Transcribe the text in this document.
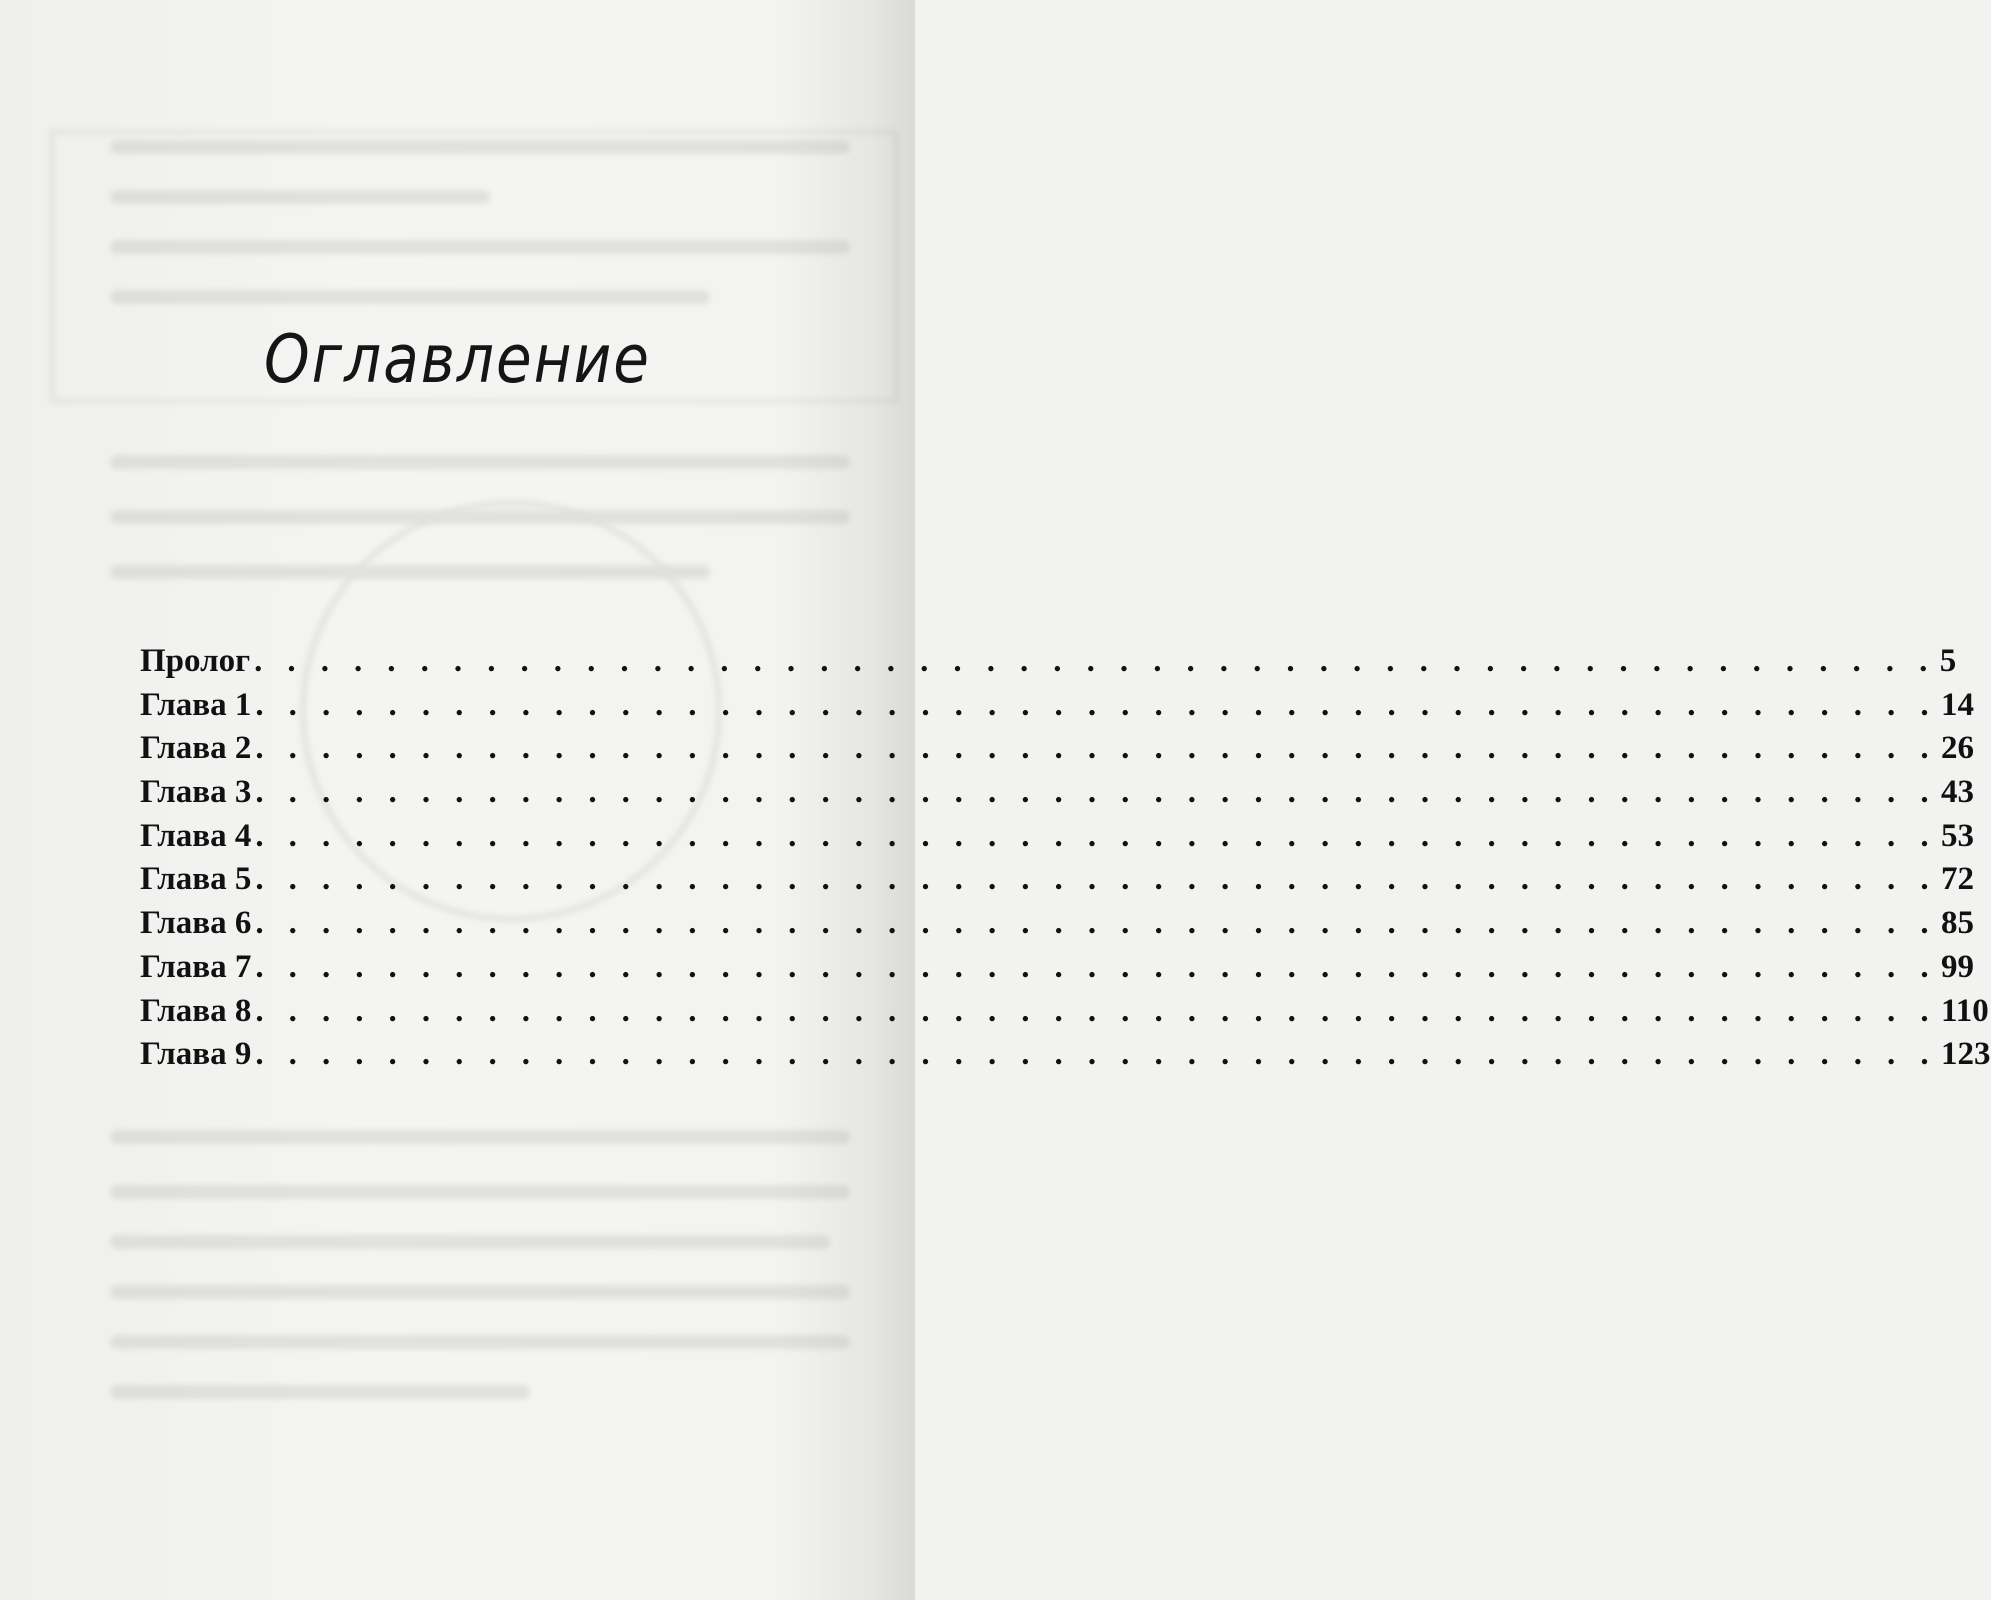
Оглавление
Пролог . . . . . . . . . . . . . . . . . . . . . . . . . . . . . . . . . . . . . . . . . . . . . . . . . . . 5
Глава 1 . . . . . . . . . . . . . . . . . . . . . . . . . . . . . . . . . . . . . . . . . . . . . . . . . . . 14
Глава 2 . . . . . . . . . . . . . . . . . . . . . . . . . . . . . . . . . . . . . . . . . . . . . . . . . . . 26
Глава 3 . . . . . . . . . . . . . . . . . . . . . . . . . . . . . . . . . . . . . . . . . . . . . . . . . . . 43
Глава 4 . . . . . . . . . . . . . . . . . . . . . . . . . . . . . . . . . . . . . . . . . . . . . . . . . . . 53
Глава 5 . . . . . . . . . . . . . . . . . . . . . . . . . . . . . . . . . . . . . . . . . . . . . . . . . . . 72
Глава 6 . . . . . . . . . . . . . . . . . . . . . . . . . . . . . . . . . . . . . . . . . . . . . . . . . . . 85
Глава 7 . . . . . . . . . . . . . . . . . . . . . . . . . . . . . . . . . . . . . . . . . . . . . . . . . . . 99
Глава 8 . . . . . . . . . . . . . . . . . . . . . . . . . . . . . . . . . . . . . . . . . . . . . . . . . . . 110
Глава 9 . . . . . . . . . . . . . . . . . . . . . . . . . . . . . . . . . . . . . . . . . . . . . . . . . . . 123
